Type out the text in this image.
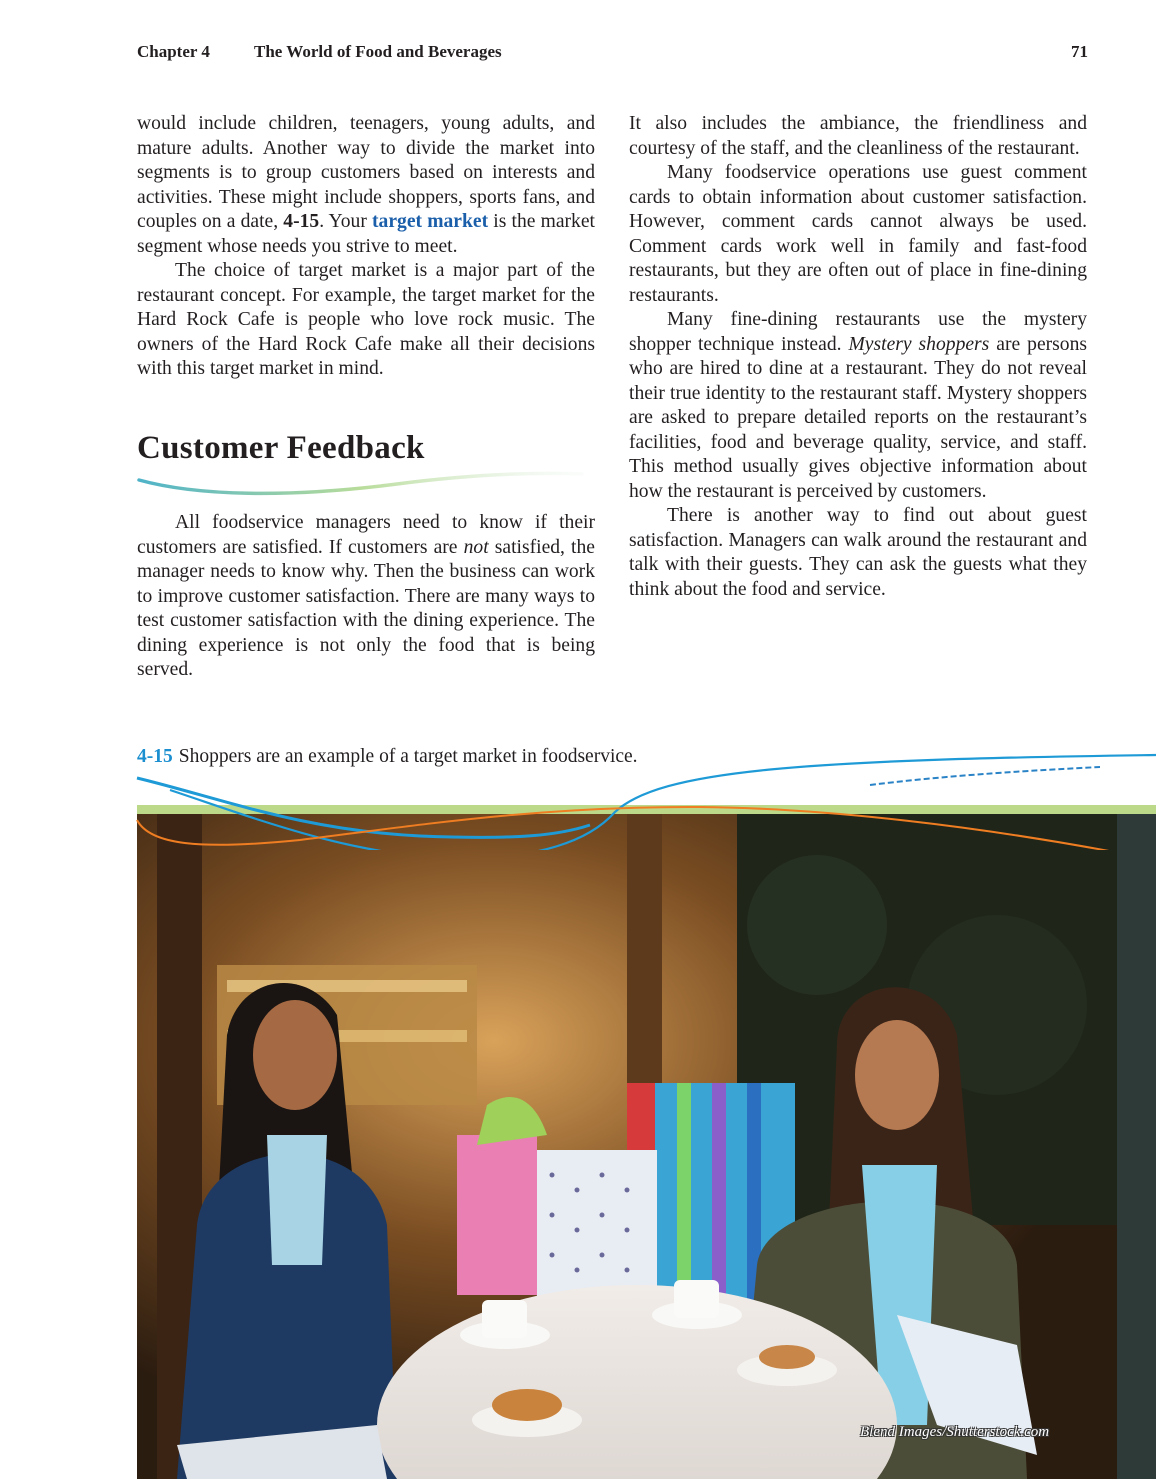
Chapter 4	The World of Food and Beverages	71

would include children, teenagers, young adults, and mature adults. Another way to divide the market into segments is to group customers based on interests and activities. These might include shoppers, sports fans, and couples on a date, 4-15. Your target market is the market segment whose needs you strive to meet.

The choice of target market is a major part of the restaurant concept. For example, the target market for the Hard Rock Cafe is people who love rock music. The owners of the Hard Rock Cafe make all their decisions with this target market in mind.

Customer Feedback

All foodservice managers need to know if their customers are satisfied. If customers are not satisfied, the manager needs to know why. Then the business can work to improve customer satisfaction. There are many ways to test customer satisfaction with the dining experience. The dining experience is not only the food that is being served.

It also includes the ambiance, the friendliness and courtesy of the staff, and the cleanliness of the restaurant.

Many foodservice operations use guest comment cards to obtain information about customer satisfaction. However, comment cards cannot always be used. Comment cards work well in family and fast-food restaurants, but they are often out of place in fine-dining restaurants.

Many fine-dining restaurants use the mystery shopper technique instead. Mystery shoppers are persons who are hired to dine at a restaurant. They do not reveal their true identity to the restaurant staff. Mystery shoppers are asked to prepare detailed reports on the restaurant’s facilities, food and beverage quality, service, and staff. This method usually gives objective information about how the restaurant is perceived by customers.

There is another way to find out about guest satisfaction. Managers can walk around the restaurant and talk with their guests. They can ask the guests what they think about the food and service.

4-15 Shoppers are an example of a target market in foodservice.
Blend Images/Shutterstock.com
